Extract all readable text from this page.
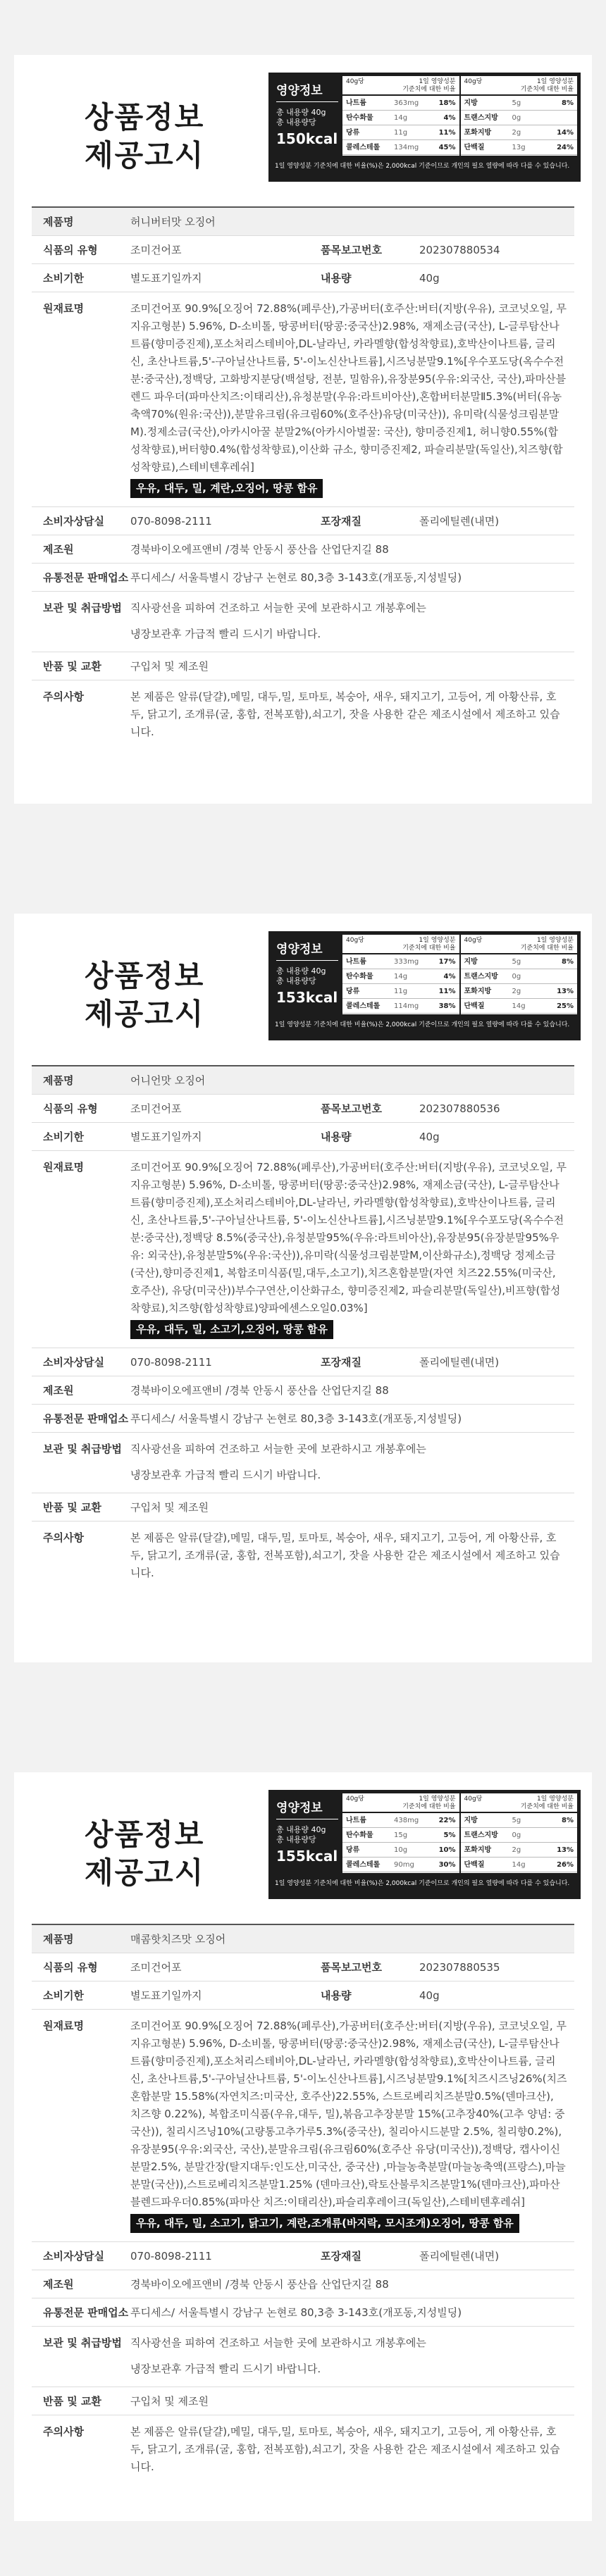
상품정보
제공고시
영양정보
총 내용량 40g
총 내용량당
150kcal
40g당	1일 영양성분
기준치에 대한 비율
나트륨	363mg	18%
탄수화물	14g	4%
당류	11g	11%
콜레스테롤	134mg	45%
40g당	1일 영양성분
기준치에 대한 비율
지방	5g	8%
트랜스지방	0g
포화지방	2g	14%
단백질	13g	24%
1일 영양성분 기준치에 대한 비율(%)은 2,000kcal 기준이므로 개인의 필요 열량에 따라 다를 수 있습니다.
제품명	허니버터맛 오징어
식품의 유형	조미건어포	품목보고번호	202307880534
소비기한	별도표기일까지	내용량	40g
원재료명	조미건어포 90.9%[오징어 72.88%(페루산),가공버터(호주산:버터(지방(우유), 코코넛오일, 무지유고형분) 5.96%, D-소비톨, 땅콩버터(땅콩:중국산)2.98%, 재제소금(국산), L-글루탐산나트륨(향미증진제),포소처리스테비아,DL-날라닌, 카라멜향(합성착향료),호박산이나트륨, 글리신, 초산나트륨,5'-구아닐산나트륨, 5'-이노신산나트륨],시즈닝분말9.1%[우수포도당(옥수수전분:중국산),정백당, 고화방지분당(백설탕, 전분, 밀함유),유장분95(우유:외국산, 국산),파마산블렌드 파우더(파마산치즈:이태리산),유청분말(우유:라트비아산),혼합버터분말Ⅱ5.3%(버터(유농축액70%(원유:국산)),분말유크림(유크림60%(호주산)유당(미국산)), 유미락(식물성크림분말M).정제소금(국산),아카시아꿀 분말2%(아카시아벌꿀: 국산), 향미증진제1, 허니향0.55%(합성착향료),버터향0.4%(합성착향료),이산화 규소, 향미증진제2, 파슬리분말(독일산),치즈향(합성착향료),스테비텐후레쉬]
우유, 대두, 밀, 계란,오징어, 땅콩 함유
소비자상담실	070-8098-2111	포장재질	폴리에틸렌(내면)
제조원	경북바이오에프앤비 /경북 안동시 풍산읍 산업단지길 88
유통전문 판매업소 푸디세스/ 서울특별시 강남구 논현로 80,3층 3-143호(개포동,지성빌딩)
보관 및 취급방법 직사광선을 피하여 건조하고 서늘한 곳에 보관하시고 개봉후에는
냉장보관후 가급적 빨리 드시기 바랍니다.
반품 및 교환	구입처 및 제조원
주의사항	본 제품은 알류(달걀),메밀, 대두,밀, 토마토, 복숭아, 새우, 돼지고기, 고등어, 게 아황산류, 호두, 닭고기, 조개류(굴, 홍합, 전복포함),쇠고기, 잣을 사용한 같은 제조시설에서 제조하고 있습니다.
상품정보
제공고시
영양정보
총 내용량 40g
총 내용량당
153kcal
40g당	1일 영양성분
기준치에 대한 비율
나트륨	333mg	17%
탄수화물	14g	4%
당류	11g	11%
콜레스테롤	114mg	38%
40g당	1일 영양성분
기준치에 대한 비율
지방	5g	8%
트랜스지방	0g
포화지방	2g	13%
단백질	14g	25%
1일 영양성분 기준치에 대한 비율(%)은 2,000kcal 기준이므로 개인의 필요 열량에 따라 다를 수 있습니다.
제품명	어니언맛 오징어
식품의 유형	조미건어포	품목보고번호	202307880536
소비기한	별도표기일까지	내용량	40g
원재료명	조미건어포 90.9%[오징어 72.88%(페루산),가공버터(호주산:버터(지방(우유), 코코넛오일, 무지유고형분) 5.96%, D-소비톨, 땅콩버터(땅콩:중국산)2.98%, 재제소금(국산), L-글루탐산나트륨(향미증진제),포소처리스테비아,DL-날라닌, 카라멜향(합성착향료),호박산이나트륨, 글리신, 초산나트륨,5'-구아닐산나트륨, 5'-이노신산나트륨],시즈닝분말9.1%[우수포도당(옥수수전분:중국산),정백당 8.5%(중국산),유청분말95%(우유:라트비아산),유장분95(유장분말95%우유: 외국산),유청분말5%(우유:국산)),유미락(식물성크림분말M,이산화규소),정백당 정제소금(국산),향미증진제1, 복합조미식품(밀,대두,소고기),치즈혼합분말(자연 치즈22.55%(미국산, 호주산), 유당(미국산))부수구연산,이산화규소, 향미증진제2, 파슬리분말(독일산),비프향(합성착향료),치즈향(합성착향료)양파에센스오일0.03%]
우유, 대두, 밀, 소고기,오징어, 땅콩 함유
소비자상담실	070-8098-2111	포장재질	폴리에틸렌(내면)
제조원	경북바이오에프앤비 /경북 안동시 풍산읍 산업단지길 88
유통전문 판매업소 푸디세스/ 서울특별시 강남구 논현로 80,3층 3-143호(개포동,지성빌딩)
보관 및 취급방법 직사광선을 피하여 건조하고 서늘한 곳에 보관하시고 개봉후에는
냉장보관후 가급적 빨리 드시기 바랍니다.
반품 및 교환	구입처 및 제조원
주의사항	본 제품은 알류(달걀),메밀, 대두,밀, 토마토, 복숭아, 새우, 돼지고기, 고등어, 게 아황산류, 호두, 닭고기, 조개류(굴, 홍합, 전복포함),쇠고기, 잣을 사용한 같은 제조시설에서 제조하고 있습니다.
상품정보
제공고시
영양정보
총 내용량 40g
총 내용량당
155kcal
40g당	1일 영양성분
기준치에 대한 비율
나트륨	438mg	22%
탄수화물	15g	5%
당류	10g	10%
콜레스테롤	90mg	30%
40g당	1일 영양성분
기준치에 대한 비율
지방	5g	8%
트랜스지방	0g
포화지방	2g	13%
단백질	14g	26%
1일 영양성분 기준치에 대한 비율(%)은 2,000kcal 기준이므로 개인의 필요 열량에 따라 다를 수 있습니다.
제품명	매콤핫치즈맛 오징어
식품의 유형	조미건어포	품목보고번호	202307880535
소비기한	별도표기일까지	내용량	40g
원재료명	조미건어포 90.9%[오징어 72.88%(페루산),가공버터(호주산:버터(지방(우유), 코코넛오일, 무지유고형분) 5.96%, D-소비톨, 땅콩버터(땅콩:중국산)2.98%, 재제소금(국산), L-글루탐산나트륨(향미증진제),포소처리스테비아,DL-날라닌, 카라멜향(합성착향료),호박산이나트륨, 글리신, 초산나트륨,5'-구아닐산나트륨, 5'-이노신산나트륨],시즈닝분말9.1%[치즈시즈닝26%(치즈혼합분말 15.58%(자연치즈:미국산, 호주산)22.55%, 스트로베리치즈분말0.5%(덴마크산), 치즈향 0.22%), 복합조미식품(우유,대두, 밀),볶음고추장분말 15%(고추장40%(고추 양념: 중국산)), 칠리시즈닝10%(고량통고추가루5.3%(중국산), 칠리아시드분말 2.5%, 칠리향0.2%), 유장분95(우유:외국산, 국산),분말유크림(유크림60%(호주산 유당(미국산)),정백당, 캡사이신분말2.5%, 분말간장(탈지대두:인도산,미국산, 중국산) ,마늘농축분말(마늘농축액(프랑스),마늘분말(국산)),스트로베리치즈분말1.25% (덴마크산),락토산불루치즈분말1%(덴마크산),파마산블렌드파우더0.85%(파마산 치즈:이태리산),파슬리후레이크(독일산),스테비텐후레쉬]
우유, 대두, 밀, 소고기, 닭고기, 계란,조개류(바지락, 모시조개)오징어, 땅콩 함유
소비자상담실	070-8098-2111	포장재질	폴리에틸렌(내면)
제조원	경북바이오에프앤비 /경북 안동시 풍산읍 산업단지길 88
유통전문 판매업소 푸디세스/ 서울특별시 강남구 논현로 80,3층 3-143호(개포동,지성빌딩)
보관 및 취급방법 직사광선을 피하여 건조하고 서늘한 곳에 보관하시고 개봉후에는
냉장보관후 가급적 빨리 드시기 바랍니다.
반품 및 교환	구입처 및 제조원
주의사항	본 제품은 알류(달걀),메밀, 대두,밀, 토마토, 복숭아, 새우, 돼지고기, 고등어, 게 아황산류, 호두, 닭고기, 조개류(굴, 홍합, 전복포함),쇠고기, 잣을 사용한 같은 제조시설에서 제조하고 있습니다.
